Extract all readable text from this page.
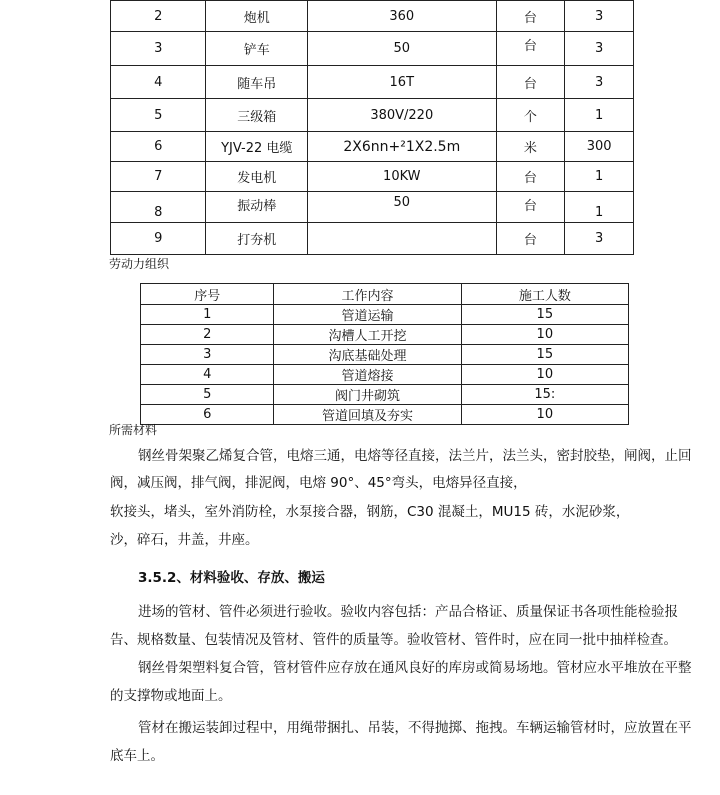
2	炮机	360	台	3
3	铲车	50	台	3
4	随车吊	16T	台	3
5	三级箱	380V/220	个	1
6	YJV-22 电缆	2X6nn+²1X2.5m	米	300
7	发电机	10KW	台	1
8	振动棒	50	台	1
9	打夯机		台	3
劳动力组织
序号	工作内容	施工人数
1	管道运输	15
2	沟槽人工开挖	10
3	沟底基础处理	15
4	管道熔接	10
5	阀门井砌筑	15:
6	管道回填及夯实	10
所需材料
钢丝骨架聚乙烯复合管，电熔三通，电熔等径直接，法兰片，法兰头，密封胶垫，闸阀，止回
阀，减压阀，排气阀，排泥阀，电熔 90°、45°弯头，电熔异径直接，
软接头，堵头，室外消防栓，水泵接合器，钢筋，C30 混凝土，MU15 砖，水泥砂浆，
沙，碎石，井盖，井座。
3.5.2、材料验收、存放、搬运
进场的管材、管件必须进行验收。验收内容包括：产品合格证、质量保证书各项性能检验报
告、规格数量、包装情况及管材、管件的质量等。验收管材、管件时，应在同一批中抽样检查。
钢丝骨架塑料复合管，管材管件应存放在通风良好的库房或简易场地。管材应水平堆放在平整
的支撑物或地面上。
管材在搬运装卸过程中，用绳带捆扎、吊装，不得抛掷、拖拽。车辆运输管材时，应放置在平
底车上。
